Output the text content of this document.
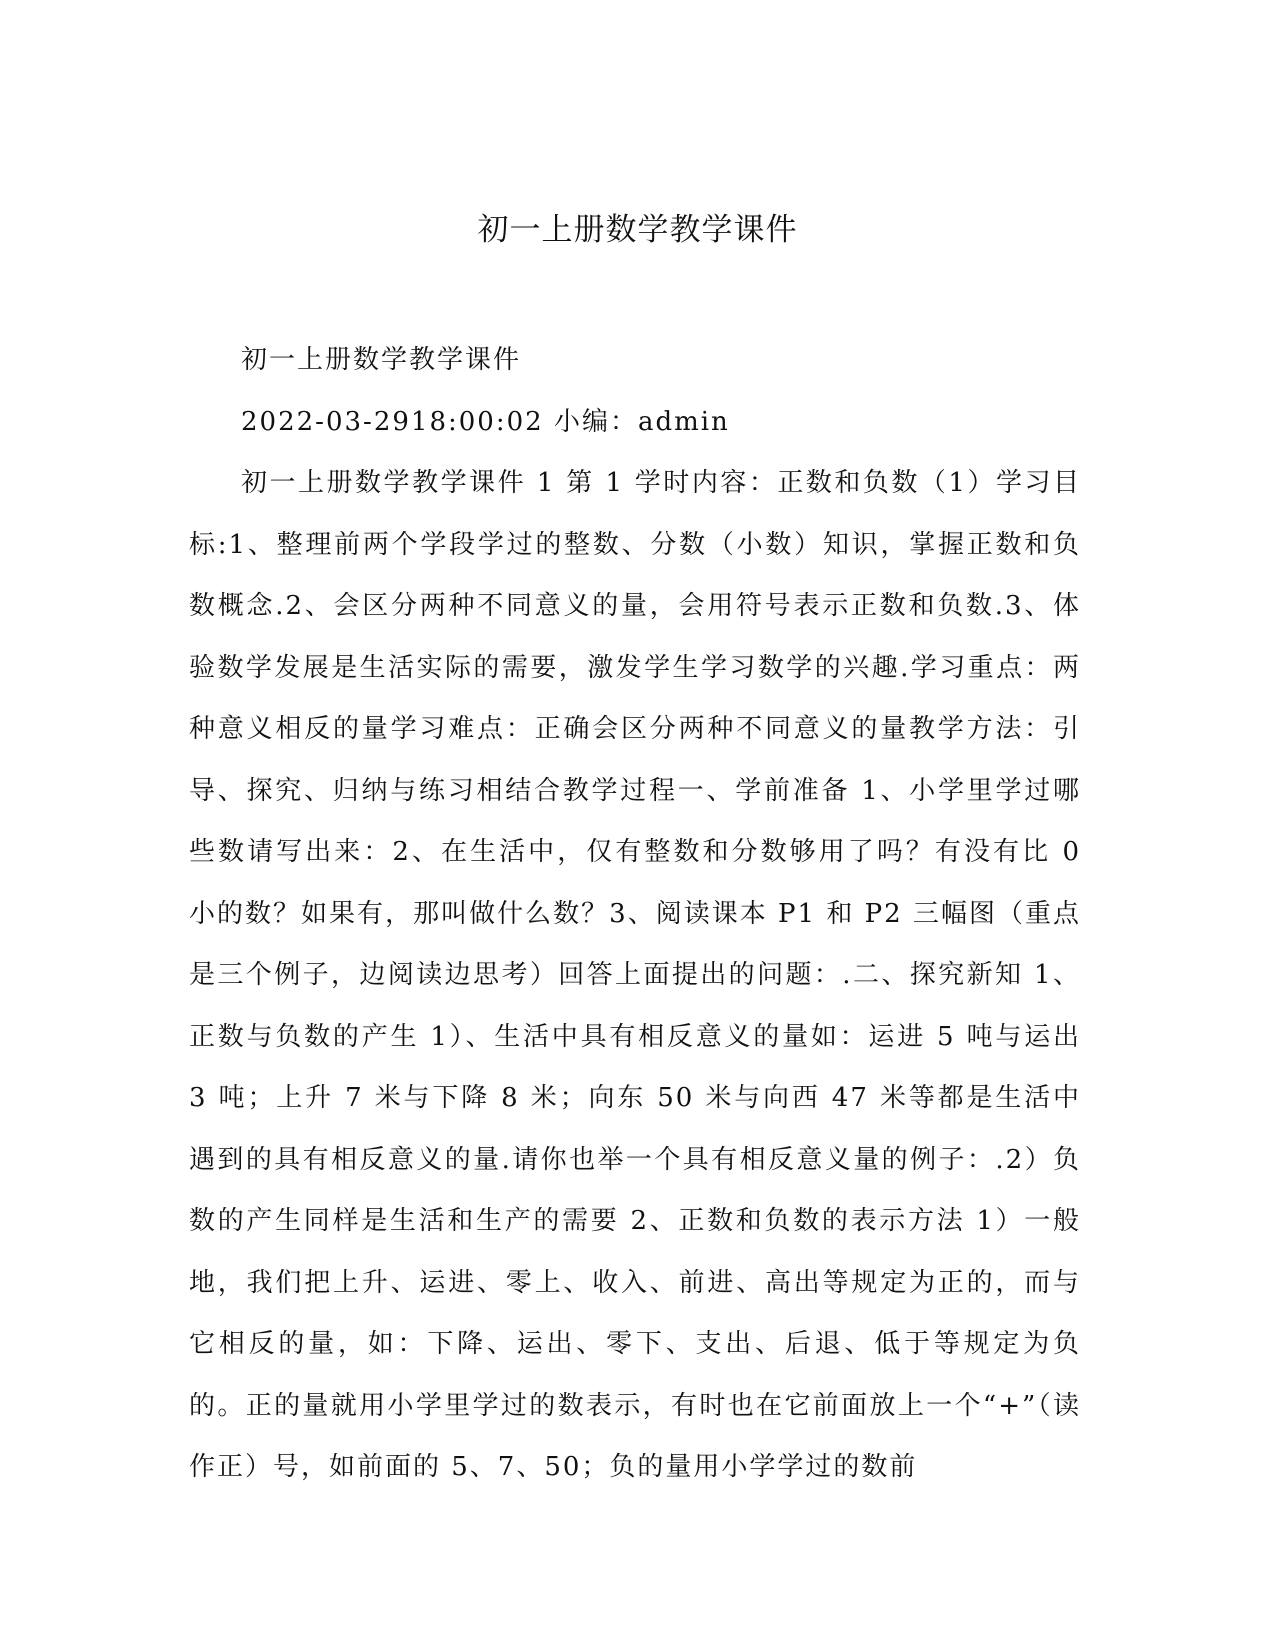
初一上册数学教学课件

初一上册数学教学课件

2022-03-2918:00:02 小编：admin

初一上册数学教学课件 1 第 1 学时内容：正数和负数（1）学习目标:1、整理前两个学段学过的整数、分数（小数）知识，掌握正数和负数概念.2、会区分两种不同意义的量，会用符号表示正数和负数.3、体验数学发展是生活实际的需要，激发学生学习数学的兴趣.学习重点：两种意义相反的量学习难点：正确会区分两种不同意义的量教学方法：引导、探究、归纳与练习相结合教学过程一、学前准备 1、小学里学过哪些数请写出来：2、在生活中，仅有整数和分数够用了吗？有没有比 0 小的数？如果有，那叫做什么数？3、阅读课本 P1 和 P2 三幅图（重点是三个例子，边阅读边思考）回答上面提出的问题：.二、探究新知 1、正数与负数的产生 1）、生活中具有相反意义的量如：运进 5 吨与运出 3 吨；上升 7 米与下降 8 米；向东 50 米与向西 47 米等都是生活中遇到的具有相反意义的量.请你也举一个具有相反意义量的例子：.2）负数的产生同样是生活和生产的需要 2、正数和负数的表示方法 1）一般地，我们把上升、运进、零上、收入、前进、高出等规定为正的，而与它相反的量，如：下降、运出、零下、支出、后退、低于等规定为负的。正的量就用小学里学过的数表示，有时也在它前面放上一个“+”（读作正）号，如前面的 5、7、50；负的量用小学学过的数前
